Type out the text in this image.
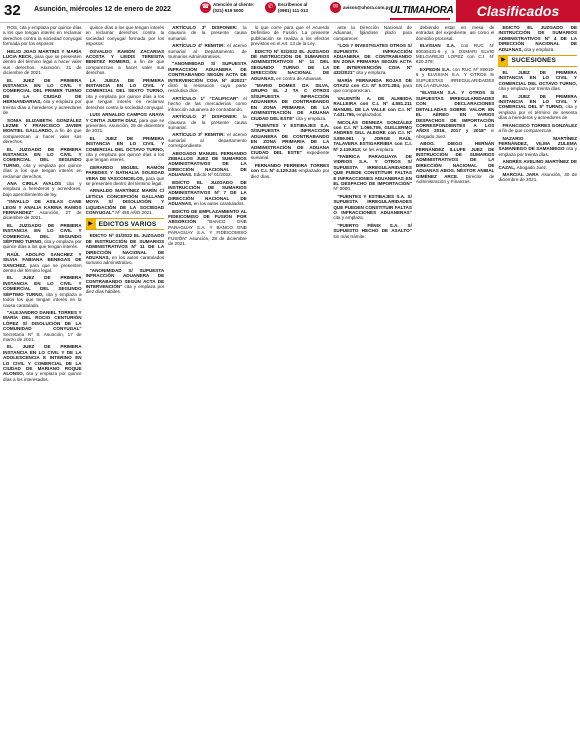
32 Asunción, miércoles 12 de enero de 2022	☎ Atención al cliente:
(021) 619 5000
✆	Escríbenos al
(0981) 111 013
✉	avisos@uhora.com.py ULTIMAHORA	Clasificados

ROS, cita y emplaza por quince días a los que tengan interés en reclamar derechos contra la sociedad conyugal formada por los esposos:

HELIO JOAO MARTINS Y MARÍA LUCIA RECK, para que se presenten dentro del término legal a hacer valer sus derechos. Asunción, 21 de diciembre de 2021.

EL JUEZ DE PRIMERA INSTANCIA EN LO CIVIL Y COMERCIAL DEL PRIMER TURNO DE LA CIUDAD DE HERNANDARIAS, cita y emplaza por treinta días a herederos y acreedores de

SONIA ELIZABETH GONZÁLEZ LEZME Y FRANCISCO JAVIER MONTIEL GALLARDO, a fin de que comparezcan a hacer valer sus derechos.

EL JUZGADO DE PRIMERA INSTANCIA EN LO CIVIL Y COMERCIAL DEL SEGUNDO TURNO, cita y emplaza por quince días a los que tengan interés en reclamar derechos.

ANA CIRILA AVALOS cita y emplaza a herederos y acreedores, bajo apercibimiento de ley.

"INVALLO DE ASILAS CANE LEON Y ANALIA KARINA RAMOS FERNANDEZ" Asunción, 27 de diciembre de 2021.

EL JUZGADO DE PRIMERA INSTANCIA EN LO CIVIL Y COMERCIAL DEL SEGUNDO SÉPTIMO TURNO, cita y emplaza por quince días a los que tengan interés.

RAÚL ADOLFO SANCHEZ Y SILVIA FABIANA BENEGAS DE SANCHEZ, para que se presenten dentro del término legal.

EL JUEZ DE PRIMERA INSTANCIA EN LO CIVIL Y COMERCIAL DEL SEGUNDO SÉPTIMO TURNO, cita y emplaza a todos los que tengan interés en la causa caratulada.

"ALEJANDRO DANIEL TORRES Y MARÍA DEL ROCIO CENTURIÓN LÓPEZ S/ DISOLUCIÓN DE LA COMUNIDAD CONYUGAL" Secretaría Nº 8. Asunción, 17 de marzo de 2021.

EL JUEZ DE PRIMERA INSTANCIA EN LO CIVIL Y DE LA ADOLESCENCIA E INTERINO EN LO CIVIL Y COMERCIAL DE LA CIUDAD DE MARIANO ROQUE ALONSO, cita y emplaza por quince días a los interesados.

quince días a los que tengan interés en reclamar derechos contra la sociedad conyugal formada por los esposos:

OSVALDO RAMÓN ZACARIAS ACOSTA Y LEIDIS TERESITA BENITEZ ROMERO, a fin de que comparezcan a hacer valer sus derechos.

LA JUEZA DE PRIMERA INSTANCIA EN LO CIVIL Y COMERCIAL DEL SEXTO TURNO, cita y emplaza por quince días a los que tengan interés en reclamar derechos contra la sociedad conyugal.

LUIS ARNALDO CAMPOS ANAYA Y CINTIA JUDITH DÍAZ, para que se presenten. Asunción, 29 de diciembre de 2021.

EL JUEZ DE PRIMERA INSTANCIA EN LO CIVIL Y COMERCIAL DEL OCTAVO TURNO, cita y emplaza por quince días a los que tengan interés.

GERARDO MIGUEL RAMÓN PAREDES Y NATHALIA SOLEDAD VERA DE VASCONCELOS, para que se presenten dentro del término legal.

ARNALDO MARTÍNEZ MARÍN C/ LETICIA CONCEPCIÓN GALLAND MOYA S/ DISOLUCIÓN Y LIQUIDACIÓN DE LA SOCIEDAD CONYUGAL" Nº 455 AÑO 2021.

▶ EDICTOS VARIOS

EDICTO Nº 01/2022 EL JUZGADO DE INSTRUCCIÓN DE SUMARIOS ADMINISTRATIVOS Nº 11 DE LA DIRECCIÓN NACIONAL DE ADUANAS, en los autos caratulados sumario administrativo.

"ANONIMIDAD S/ SUPUESTA INFRACCIÓN ADUANERA DE CONTRABANDO SEGÚN ACTA DE INTERVENCIÓN" cita y emplaza por diez días hábiles.

ARTÍCULO 3º DISPONER: la clausura de la presente causa sumarial.

ARTÍCULO 4º REMITIR: el acervo sumarial al Departamento de Sumarios Administrativos.

"ANONIMIDAD S/ SUPUESTA INFRACCIÓN ADUANERA DE CONTRABANDO SEGÚN ACTA DE INTERVENCIÓN COIA Nº 4/2021" dictó la resolución cuya parte resolutiva dice.

ARTÍCULO 1º "CALIFICAR" el hecho de las mercaderías como infracción aduanera de contrabando.

ARTÍCULO 2º DISPONER: la clausura de la presente causa sumarial.

ARTÍCULO 3º REMITIR: el acervo sumarial al departamento correspondiente.

ABOGADO MANUEL FERNANDO ZEBALLOS JUEZ DE SUMARIOS ADMINISTRATIVOS DE LA DIRECCIÓN NACIONAL DE ADUANAS. Edicto Nº 01/2022.

EDICTO EL JUZGADO DE INSTRUCCIÓN DE SUMARIOS ADMINISTRATIVOS Nº 7 DE LA DIRECCIÓN NACIONAL DE ADUANAS, en los autos caratulados.

EDICTO DE EMPLAZAMIENTO AL FIDEICOMISO DE FUSIÓN POR ABSORCIÓN "BANCO GNB PARAGUAY S.A. Y BANCO GNB PARAGUAY S.A. Y FIDEICOMISO FUSIÓN" Asunción, 28 de diciembre de 2021.

lo que corre para que el Acuerdo Definitivo de Fusión. La presente publicación se realiza a los efectos previstos en el Art. 13 de la Ley.

EDICTO Nº 02/2022 EL JUZGADO DE INSTRUCCIÓN DE SUMARIOS ADMINISTRATIVOS Nº 11 DEL SEGUNDO TURNO DE LA DIRECCIÓN NACIONAL DE ADUANAS, en contra de Aduanas.

"MARIO DOMES DA SILVA, GRUPO EL J TA C OTROS S/SUPUESTA INFRACCIÓN ADUANERA DE CONTRABANDO EN ZONA PRIMARIA DE LA ADMINISTRACIÓN DE ADUANA CIUDAD DEL ESTE" cita y emplaza.

"PUENTES Y ESTIBAJES S.A. S/SUPUESTA INFRACCIÓN ADUANERA DE CONTRABANDO EN ZONA PRIMARIA DE LA ADMINISTRACIÓN DE ADUANA CIUDAD DEL ESTE" expediente sumarial.

FERNANDO FERREIRA TORRES con C.I. Nº 4.129.234 emplazado por diez días.

ante la Dirección Nacional de Aduanas, fijándose plazo para comparecer.

"LOS 7 INVESTIGATES OTROS S/ SUPUESTA INFRACCIÓN ADUANERA DE CONTRABANDO EN ZONA PRIMARIA SEGÚN ACTA DE INTERVENCIÓN COIA Nº 432/2021" cita y emplaza.

MARÍA FERNANDA ROJAS DE OTAZÚ con C.I. Nº 5.071.284, para que comparezcan.

VALENTÍN A. DE ALMEIDA RALLEIRA con C.I. Nº 4.581.211 MANUEL DE LA VALLE con C.I. Nº 7.431.795, emplazados.

NICOLÁS DENNIZA GONZÁLEZ con C.I. Nº 1.066.709, GUILLERMO ANDRES GILL ALEGRE con C.I. Nº 3.859.961 y JORGE RAÚL TALAVERA ESTIGARRIBIA con C.I. Nº 2.119.813; se les emplaza.

"FABRICA PARAGUAYA DE VIDRIOS S.A. Y OTROS S/ SUPUESTA IRREGULARIDADES QUE PUEDE CONSTITUIR FALTAS E INFRACCIONES ADUANERAS EN EL DESPACHO DE IMPORTACIÓN" Nº 0000.

"PUENTES Y ESTIBAJES S.A. S/ SUPUESTA IRREGULARIDADES QUE PUEDEN CONSTITUIR FALTAS O INFRACCIONES ADUANERAS" cita y emplaza.

"PUERTO FÉNIX S.A. S/ SUPUESTO HECHO DE ASALTO" sin más trámite.

debiendo estar en mesa de entradas del expediente, así como el domicilio procesal.

ELVISIAN S.A. con RUC Nº 80035431-6 y a OSMARI ELVIO MELGAREJO LOPEZ con C.I. Nº 820.378;

EXPEDIN S.A. con RUC Nº 80019-6 y ELVISIAN S.A. Y OTROS S/ SUPUESTAS IRREGULARIDADES EN LA ADUANA.

"ELVISIAN S.A. Y OTROS S/ SUPUESTAS IRREGULARIDADES CON DECLARACIONES DETALLADAS SOBRE VALOR EN EL AÉREO EN VARIOS DESPACHOS DE IMPORTACIÓN CORRESPONDIENTES A LOS AÑOS 2016, 2017 y 2018" el Abogado Juez.

ABOG. DIEGO HERNÁN FERNÁNDEZ ILLUFE JUEZ DE INSTRUCCIÓN DE SUMARIOS ADMINISTRATIVOS DE LA DIRECCIÓN NACIONAL DE ADUANAS ABOG. NÉSTOR ANIBAL GIMÉNEZ ARCE. Director de Administración y Finanzas.

EDICTO EL JUZGADO DE INSTRUCCIÓN DE SUMARIOS ADMINISTRATIVOS Nº 4 DE LA DIRECCIÓN NACIONAL DE ADUANAS, cita y emplaza.

▶ SUCESIONES

EL JUEZ DE PRIMERA INSTANCIA EN LO CIVIL Y COMERCIAL DEL OCTAVO TURNO, cita y emplaza por treinta días.

EL JUEZ DE PRIMERA INSTANCIA EN LO CIVIL Y COMERCIAL DEL 5º TURNO, cita y emplaza por el término de sesenta días a herederos y acreedores de

FRANCISCO TORRES GONZÁLEZ a fin de que comparezcan.

NAZARIO MARTÍNEZ FERNÁNDEZ, VILMA ZULEMA SAMANIEGO DE SAMANIEGO cita y emplaza por treinta días.

ANDRÉS AVELINO MARTÍNEZ DE CAZAL, Abogado Juez.

MARCIAL JARA Asunción, 30 de diciembre de 2021.
